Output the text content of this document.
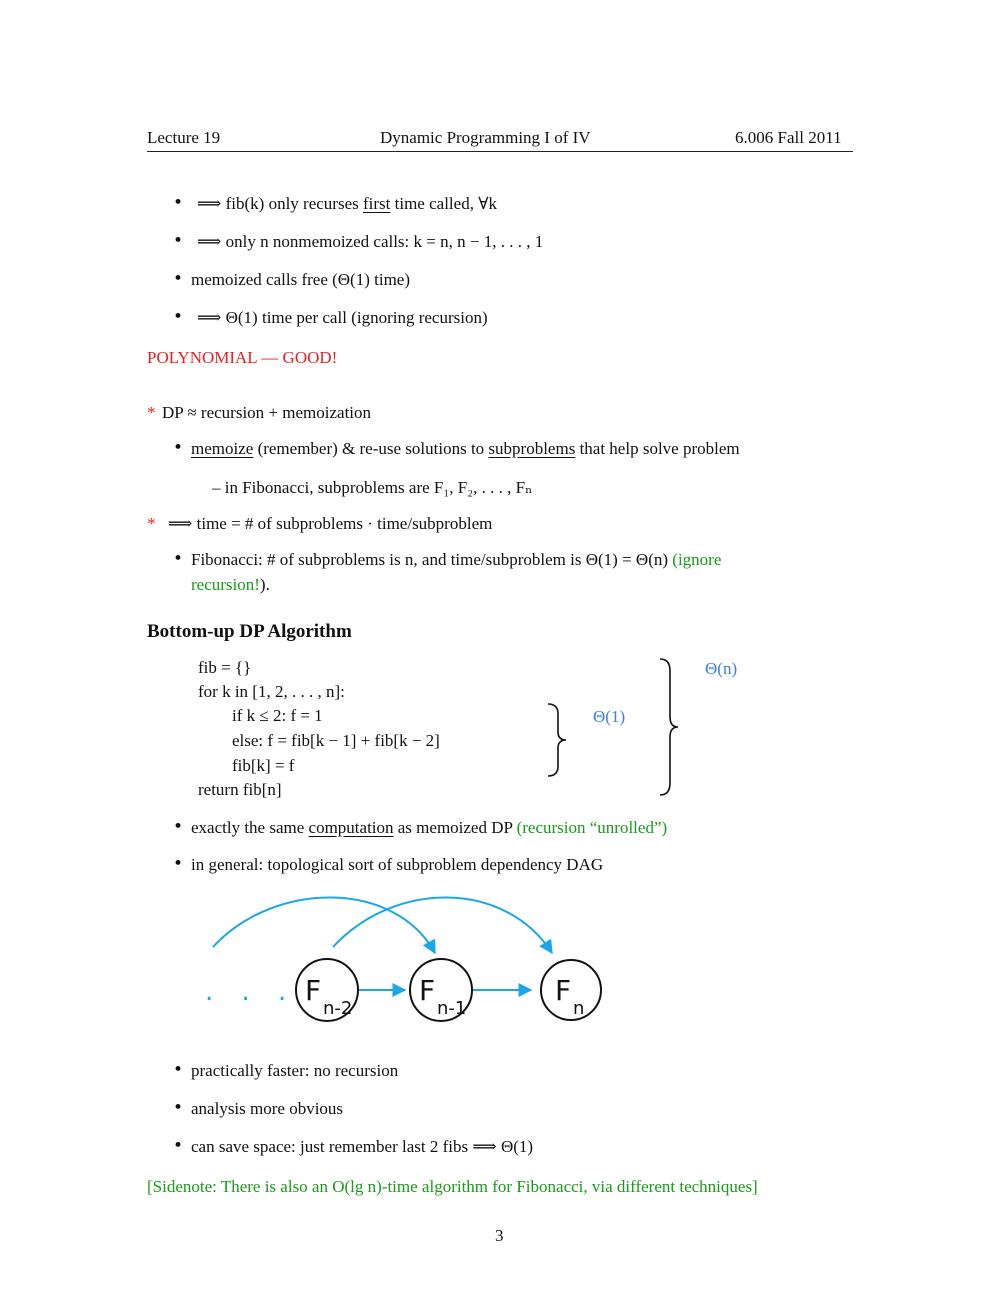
Lecture 19	Dynamic Programming I of IV	6.006 Fall 2011
• ⟹ fib(k) only recurses first time called, ∀k
• ⟹ only n nonmemoized calls: k = n, n − 1, . . . , 1
• memoized calls free (Θ(1) time)
• ⟹ Θ(1) time per call (ignoring recursion)
POLYNOMIAL — GOOD!
* DP ≈ recursion + memoization
• memoize (remember) & re-use solutions to subproblems that help solve problem
– in Fibonacci, subproblems are F₁, F₂, . . . , Fₙ
* ⟹ time = # of subproblems · time/subproblem
• Fibonacci: # of subproblems is n, and time/subproblem is Θ(1) = Θ(n) (ignore
recursion!).
Bottom-up DP Algorithm
fib = {}
for k in [1, 2, . . . , n]:
if k ≤ 2: f = 1
else: f = fib[k − 1] + fib[k − 2]
fib[k] = f
return fib[n]
Θ(1)
Θ(n)
• exactly the same computation as memoized DP (recursion “unrolled”)
• in general: topological sort of subproblem dependency DAG
. . . F
n-2
F
n-1
F
n
• practically faster: no recursion
• analysis more obvious
• can save space: just remember last 2 fibs ⟹ Θ(1)
[Sidenote: There is also an O(lg n)-time algorithm for Fibonacci, via different techniques]
3
